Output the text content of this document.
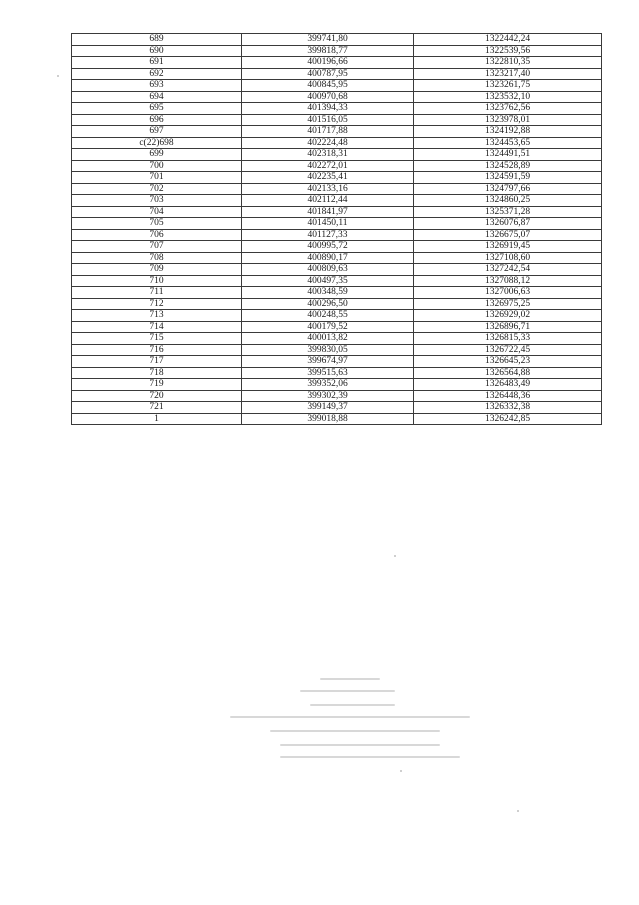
689	399741,80	1322442,24
690	399818,77	1322539,56
691	400196,66	1322810,35
692	400787,95	1323217,40
693	400845,95	1323261,75
694	400970,68	1323532,10
695	401394,33	1323762,56
696	401516,05	1323978,01
697	401717,88	1324192,88
с(22)698	402224,48	1324453,65
699	402318,31	1324491,51
700	402272,01	1324528,89
701	402235,41	1324591,59
702	402133,16	1324797,66
703	402112,44	1324860,25
704	401841,97	1325371,28
705	401450,11	1326076,87
706	401127,33	1326675,07
707	400995,72	1326919,45
708	400890,17	1327108,60
709	400809,63	1327242,54
710	400497,35	1327088,12
711	400348,59	1327006,63
712	400296,50	1326975,25
713	400248,55	1326929,02
714	400179,52	1326896,71
715	400013,82	1326815,33
716	399830,05	1326722,45
717	399674,97	1326645,23
718	399515,63	1326564,88
719	399352,06	1326483,49
720	399302,39	1326448,36
721	399149,37	1326332,38
1	399018,88	1326242,85
